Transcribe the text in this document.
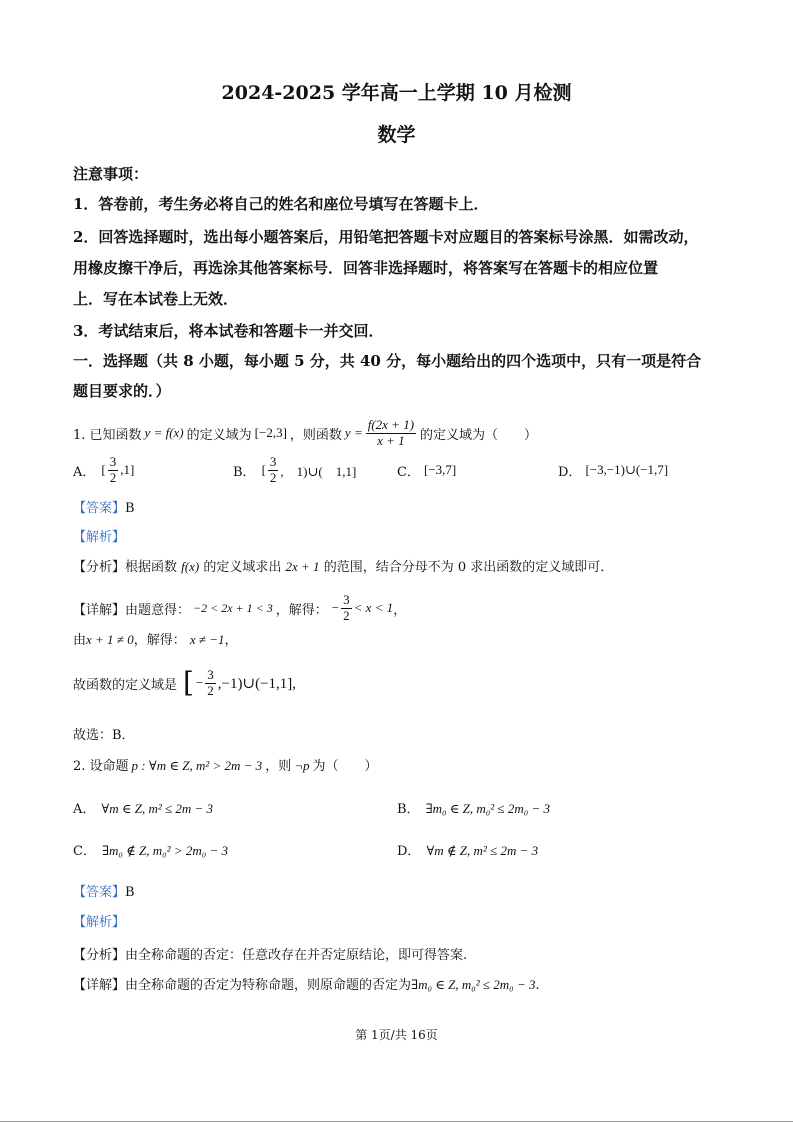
2024-2025 学年高一上学期 10 月检测
数学
注意事项：
1．答卷前，考生务必将自己的姓名和座位号填写在答题卡上．
2．回答选择题时，选出每小题答案后，用铅笔把答题卡对应题目的答案标号涂黑．如需改动，
用橡皮擦干净后，再选涂其他答案标号．回答非选择题时，将答案写在答题卡的相应位置
上．写在本试卷上无效．
3．考试结束后，将本试卷和答题卡一并交回．
一．选择题（共 8 小题，每小题 5 分，共 40 分，每小题给出的四个选项中，只有一项是符合
题目要求的．）
1. 已知函数 y = f(x) 的定义域为 [−2,3] ，则函数 $y = \frac{f(2x + 1)}{x + 1}$ 的定义域为（　　）
A． [ $\frac{3}{2} ,1$]	B． [ $\frac{3}{2}$ ,　1)∪(　1,1]	C． [−3,7]	D． [−3,−1)∪(−1,7]
【答案】B
【解析】
【分析】根据函数 f(x) 的定义域求出 2x + 1 的范围，结合分母不为 0 求出函数的定义域即可．
【详解】 由题意得： −2 < 2x + 1 < 3 ，解得： − $\frac{3}{2} < x < 1$ ，
由x + 1 ≠ 0，解得： x ≠ −1，
故函数的定义域是 [ − $\frac{3}{2}$ ,−1)∪(−1,1],
故选：B．
2. 设命题 p : ∀m ∈ Z, m² > 2m − 3 ，则 ¬p 为（　　）
A． ∀m ∈ Z, m² ≤ 2m − 3	B． ∃m₀ ∈ Z, m₀² ≤ 2m₀ − 3
C． ∃m₀ ∉ Z, m₀² > 2m₀ − 3	D． ∀m ∉ Z, m² ≤ 2m − 3
【答案】B
【解析】
【分析】由全称命题的否定：任意改存在并否定原结论，即可得答案.
【详解】由全称命题的否定为特称命题，则原命题的否定为∃m₀ ∈ Z, m₀² ≤ 2m₀ − 3.
第 1页/共 16页
